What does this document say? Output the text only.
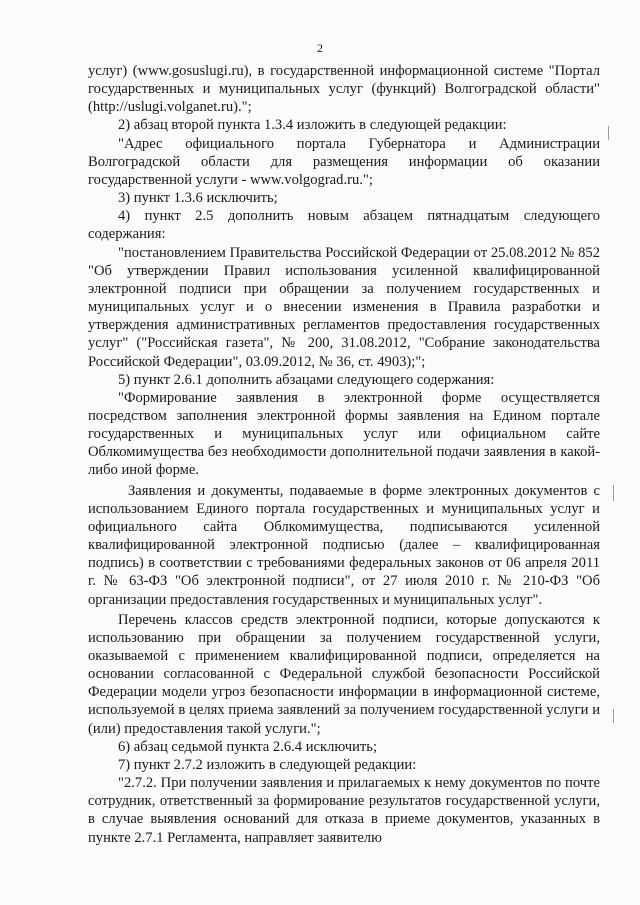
2

услуг) (www.gosuslugi.ru), в государственной информационной системе "Портал государственных и муниципальных услуг (функций) Волгоградской области" (http://uslugi.volganet.ru).";

2) абзац второй пункта 1.3.4 изложить в следующей редакции:

"Адрес официального портала Губернатора и Администрации Волгоградской области для размещения информации об оказании государственной услуги - www.volgograd.ru.";

3) пункт 1.3.6 исключить;

4) пункт 2.5 дополнить новым абзацем пятнадцатым следующего содержания:

"постановлением Правительства Российской Федерации от 25.08.2012 № 852 "Об утверждении Правил использования усиленной квалифицированной электронной подписи при обращении за получением государственных и муниципальных услуг и о внесении изменения в Правила разработки и утверждения административных регламентов предоставления государственных услуг" ("Российская газета", № 200, 31.08.2012, "Собрание законодательства Российской Федерации", 03.09.2012, № 36, ст. 4903);";

5) пункт 2.6.1 дополнить абзацами следующего содержания:

"Формирование заявления в электронной форме осуществляется посредством заполнения электронной формы заявления на Едином портале государственных и муниципальных услуг или официальном сайте Облкомимущества без необходимости дополнительной подачи заявления в какой-либо иной форме.

Заявления и документы, подаваемые в форме электронных документов с использованием Единого портала государственных и муниципальных услуг и официального сайта Облкомимущества, подписываются усиленной квалифицированной электронной подписью (далее – квалифицированная подпись) в соответствии с требованиями федеральных законов от 06 апреля 2011 г. № 63-ФЗ "Об электронной подписи", от 27 июля 2010 г. № 210-ФЗ "Об организации предоставления государственных и муниципальных услуг".

Перечень классов средств электронной подписи, которые допускаются к использованию при обращении за получением государственной услуги, оказываемой с применением квалифицированной подписи, определяется на основании согласованной с Федеральной службой безопасности Российской Федерации модели угроз безопасности информации в информационной системе, используемой в целях приема заявлений за получением государственной услуги и (или) предоставления такой услуги.";

6) абзац седьмой пункта 2.6.4 исключить;

7) пункт 2.7.2 изложить в следующей редакции:

"2.7.2. При получении заявления и прилагаемых к нему документов по почте сотрудник, ответственный за формирование результатов государственной услуги, в случае выявления оснований для отказа в приеме документов, указанных в пункте 2.7.1 Регламента, направляет заявителю
